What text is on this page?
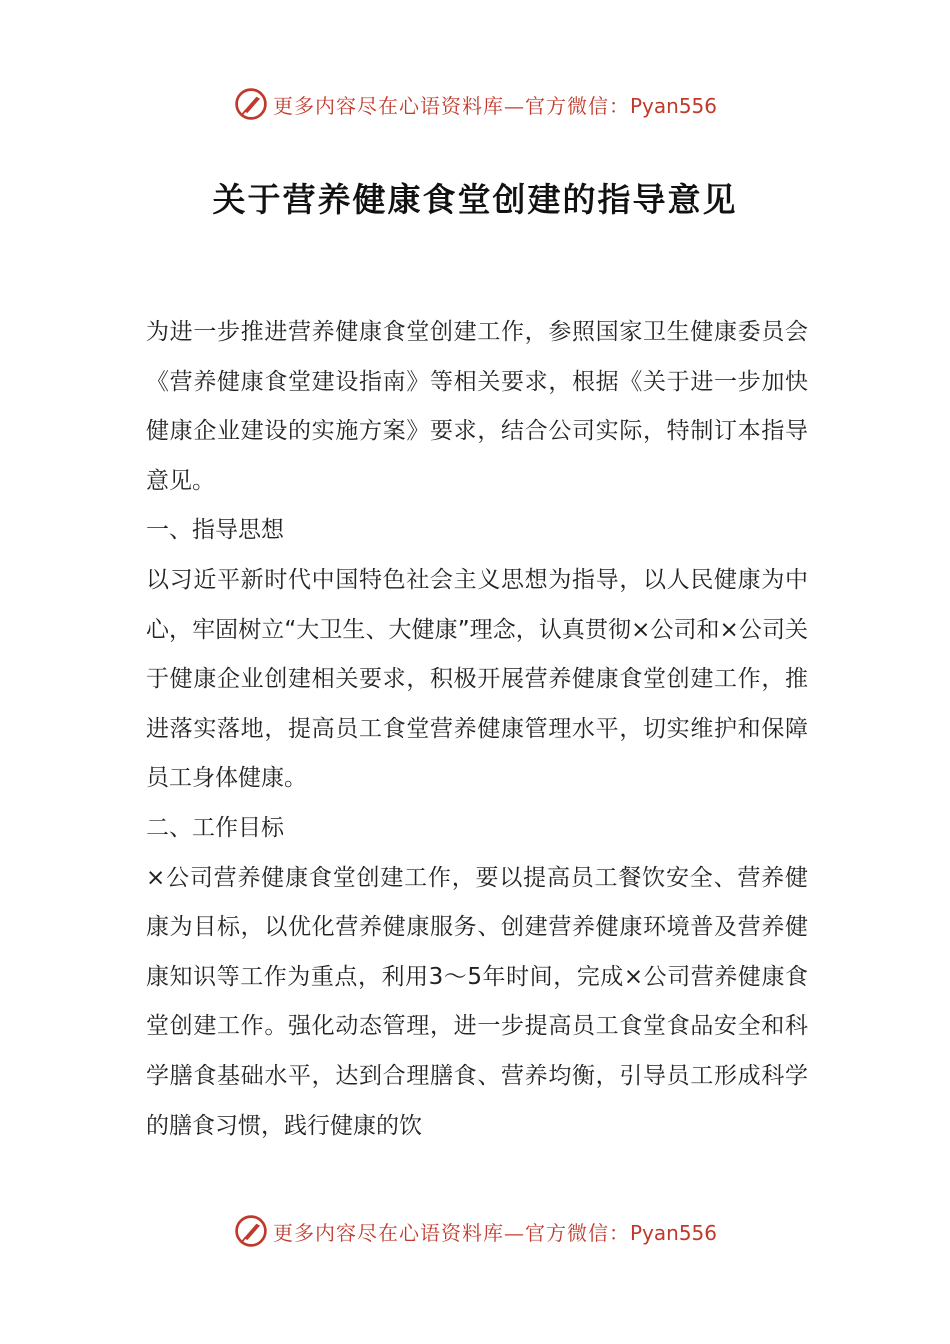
更多内容尽在心语资料库—官方微信：Pyan556
关于营养健康食堂创建的指导意见

为进一步推进营养健康食堂创建工作，参照国家卫生健康委员会《营养健康食堂建设指南》等相关要求，根据《关于进一步加快健康企业建设的实施方案》要求，结合公司实际，特制订本指导意见。

一、指导思想

以习近平新时代中国特色社会主义思想为指导，以人民健康为中心，牢固树立“大卫生、大健康”理念，认真贯彻×公司和×公司关于健康企业创建相关要求，积极开展营养健康食堂创建工作，推进落实落地，提高员工食堂营养健康管理水平，切实维护和保障员工身体健康。

二、工作目标

×公司营养健康食堂创建工作，要以提高员工餐饮安全、营养健康为目标，以优化营养健康服务、创建营养健康环境普及营养健康知识等工作为重点，利用3～5年时间，完成×公司营养健康食堂创建工作。强化动态管理，进一步提高员工食堂食品安全和科学膳食基础水平，达到合理膳食、营养均衡，引导员工形成科学的膳食习惯，践行健康的饮

更多内容尽在心语资料库—官方微信：Pyan556
